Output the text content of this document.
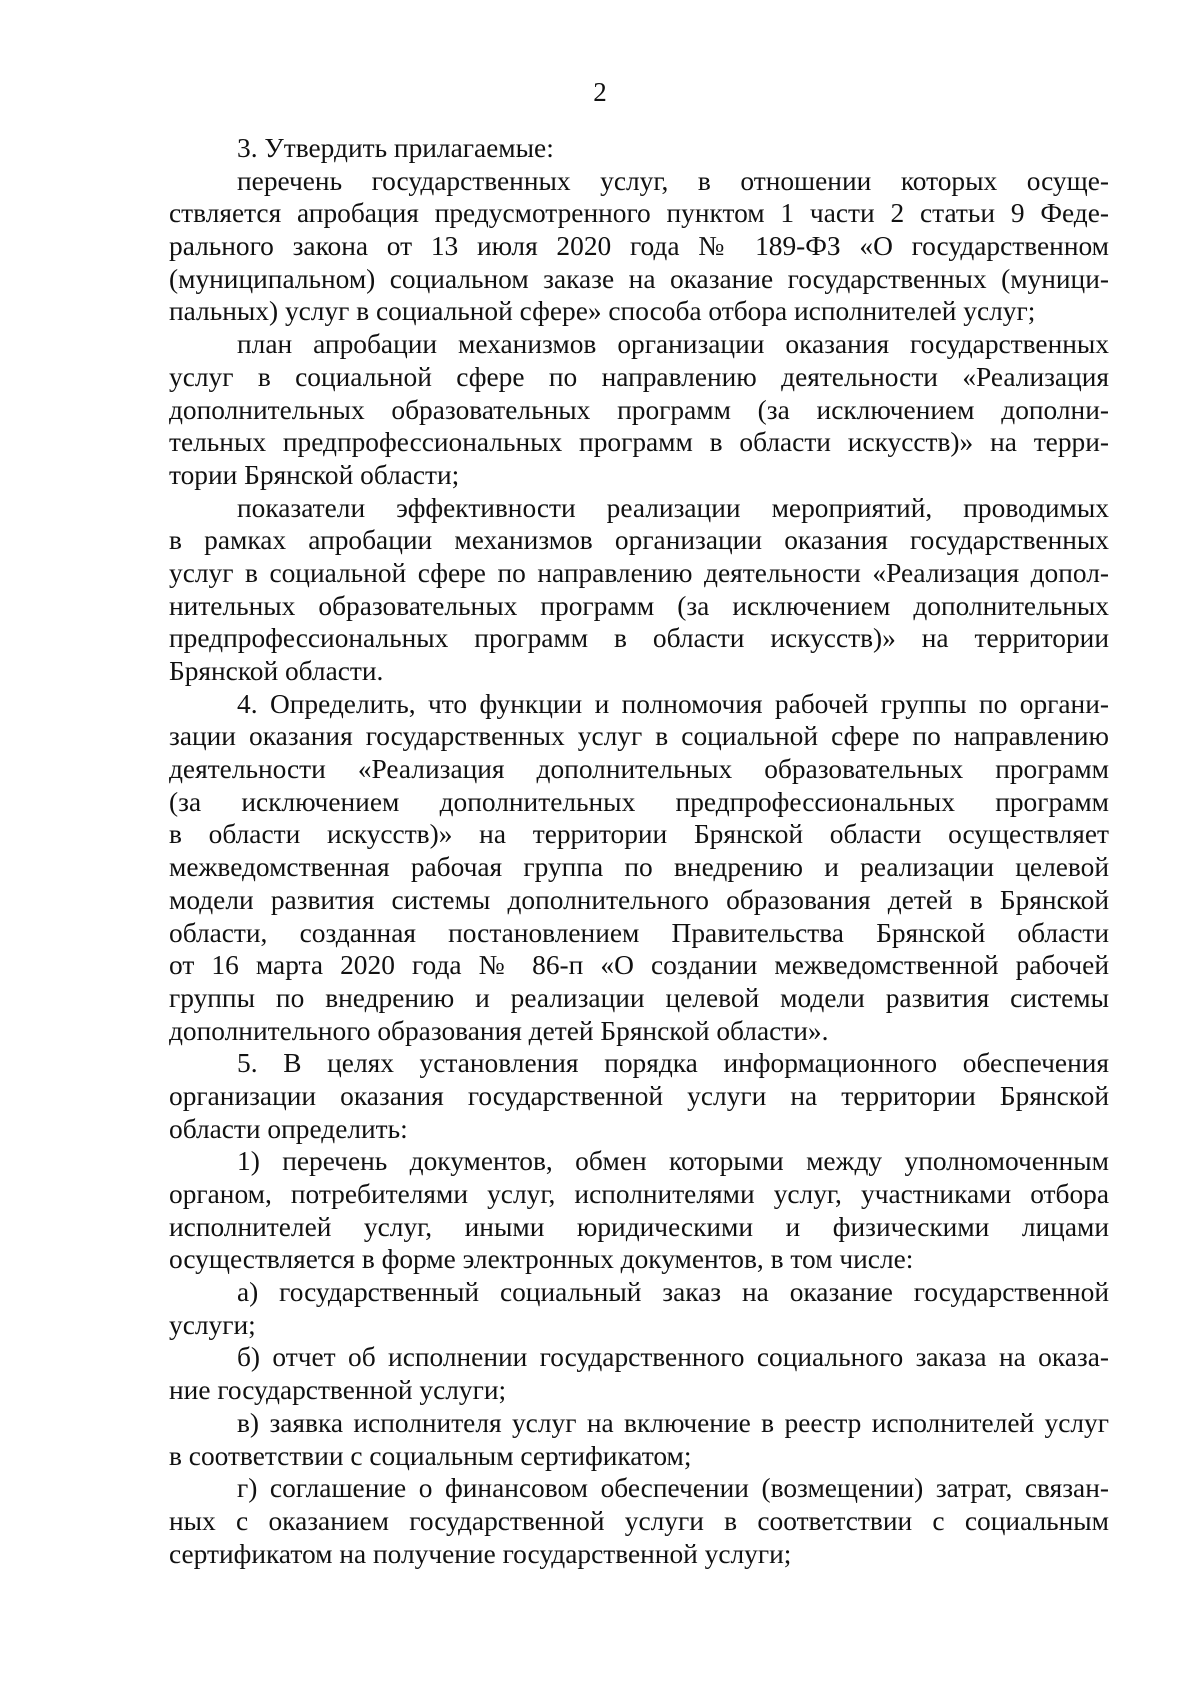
2
3. Утвердить прилагаемые:
перечень государственных услуг, в отношении которых осуще-
ствляется апробация предусмотренного пунктом 1 части 2 статьи 9 Феде-
рального закона от 13 июля 2020 года № 189-ФЗ «О государственном
(муниципальном) социальном заказе на оказание государственных (муници-
пальных) услуг в социальной сфере» способа отбора исполнителей услуг;
план апробации механизмов организации оказания государственных
услуг в социальной сфере по направлению деятельности «Реализация
дополнительных образовательных программ (за исключением дополни-
тельных предпрофессиональных программ в области искусств)» на терри-
тории Брянской области;
показатели эффективности реализации мероприятий, проводимых
в рамках апробации механизмов организации оказания государственных
услуг в социальной сфере по направлению деятельности «Реализация допол-
нительных образовательных программ (за исключением дополнительных
предпрофессиональных программ в области искусств)» на территории
Брянской области.
4. Определить, что функции и полномочия рабочей группы по органи-
зации оказания государственных услуг в социальной сфере по направлению
деятельности «Реализация дополнительных образовательных программ
(за исключением дополнительных предпрофессиональных программ
в области искусств)» на территории Брянской области осуществляет
межведомственная рабочая группа по внедрению и реализации целевой
модели развития системы дополнительного образования детей в Брянской
области, созданная постановлением Правительства Брянской области
от 16 марта 2020 года № 86-п «О создании межведомственной рабочей
группы по внедрению и реализации целевой модели развития системы
дополнительного образования детей Брянской области».
5. В целях установления порядка информационного обеспечения
организации оказания государственной услуги на территории Брянской
области определить:
1) перечень документов, обмен которыми между уполномоченным
органом, потребителями услуг, исполнителями услуг, участниками отбора
исполнителей услуг, иными юридическими и физическими лицами
осуществляется в форме электронных документов, в том числе:
а) государственный социальный заказ на оказание государственной
услуги;
б) отчет об исполнении государственного социального заказа на оказа-
ние государственной услуги;
в) заявка исполнителя услуг на включение в реестр исполнителей услуг
в соответствии с социальным сертификатом;
г) соглашение о финансовом обеспечении (возмещении) затрат, связан-
ных с оказанием государственной услуги в соответствии с социальным
сертификатом на получение государственной услуги;
